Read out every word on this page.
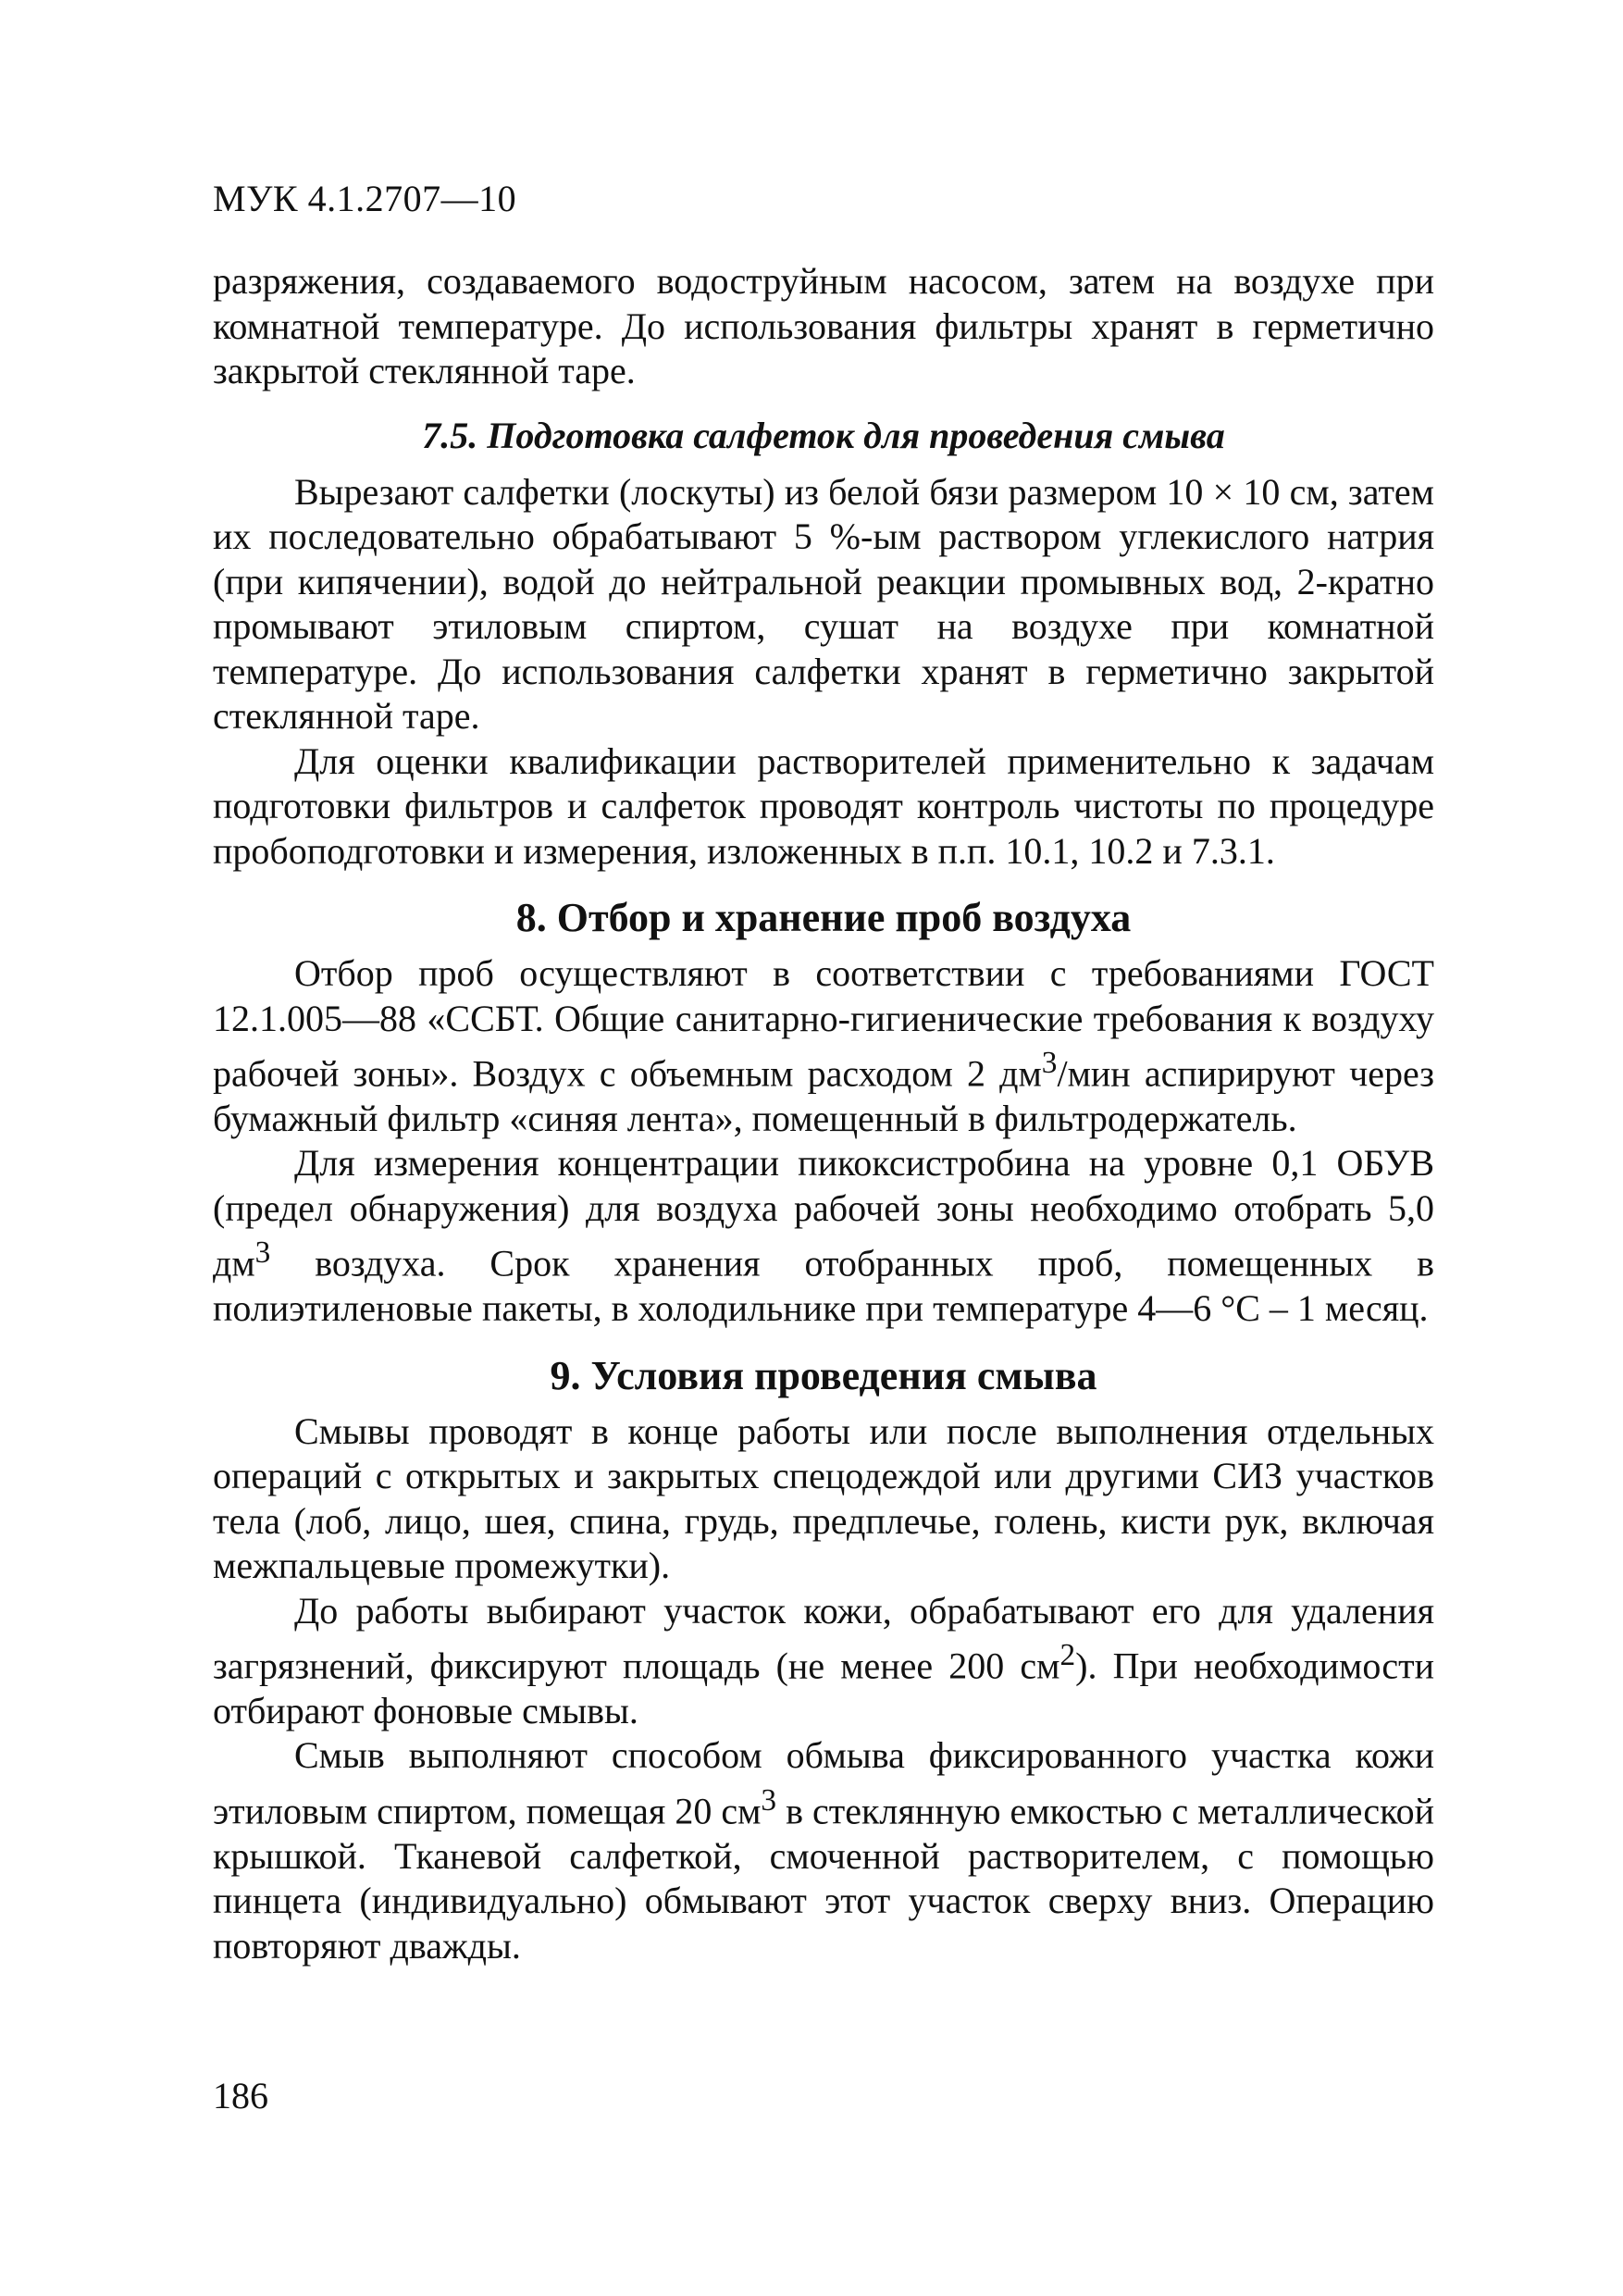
МУК 4.1.2707—10

разряжения, создаваемого водоструйным насосом, затем на воздухе при комнатной температуре. До использования фильтры хранят в герметично закрытой стеклянной таре.

7.5. Подготовка салфеток для проведения смыва

Вырезают салфетки (лоскуты) из белой бязи размером 10 × 10 см, затем их последовательно обрабатывают 5 %-ым раствором углекислого натрия (при кипячении), водой до нейтральной реакции промывных вод, 2-кратно промывают этиловым спиртом, сушат на воздухе при комнатной температуре. До использования салфетки хранят в герметично закрытой стеклянной таре.

Для оценки квалификации растворителей применительно к задачам подготовки фильтров и салфеток проводят контроль чистоты по процедуре пробоподготовки и измерения, изложенных в п.п. 10.1, 10.2 и 7.3.1.

8. Отбор и хранение проб воздуха

Отбор проб осуществляют в соответствии с требованиями ГОСТ 12.1.005—88 «ССБТ. Общие санитарно-гигиенические требования к воздуху рабочей зоны». Воздух с объемным расходом 2 $дм^3$/мин аспирируют через бумажный фильтр «синяя лента», помещенный в фильтродержатель.

Для измерения концентрации пикоксистробина на уровне 0,1 ОБУВ (предел обнаружения) для воздуха рабочей зоны необходимо отобрать 5,0 $дм^3$ воздуха. Срок хранения отобранных проб, помещенных в полиэтиленовые пакеты, в холодильнике при температуре 4—6 °С – 1 месяц.

9. Условия проведения смыва

Смывы проводят в конце работы или после выполнения отдельных операций с открытых и закрытых спецодеждой или другими СИЗ участков тела (лоб, лицо, шея, спина, грудь, предплечье, голень, кисти рук, включая межпальцевые промежутки).

До работы выбирают участок кожи, обрабатывают его для удаления загрязнений, фиксируют площадь (не менее 200 $см^2$). При необходимости отбирают фоновые смывы.

Смыв выполняют способом обмыва фиксированного участка кожи этиловым спиртом, помещая 20 $см^3$ в стеклянную емкостью с металлической крышкой. Тканевой салфеткой, смоченной растворителем, с помощью пинцета (индивидуально) обмывают этот участок сверху вниз. Операцию повторяют дважды.

186
